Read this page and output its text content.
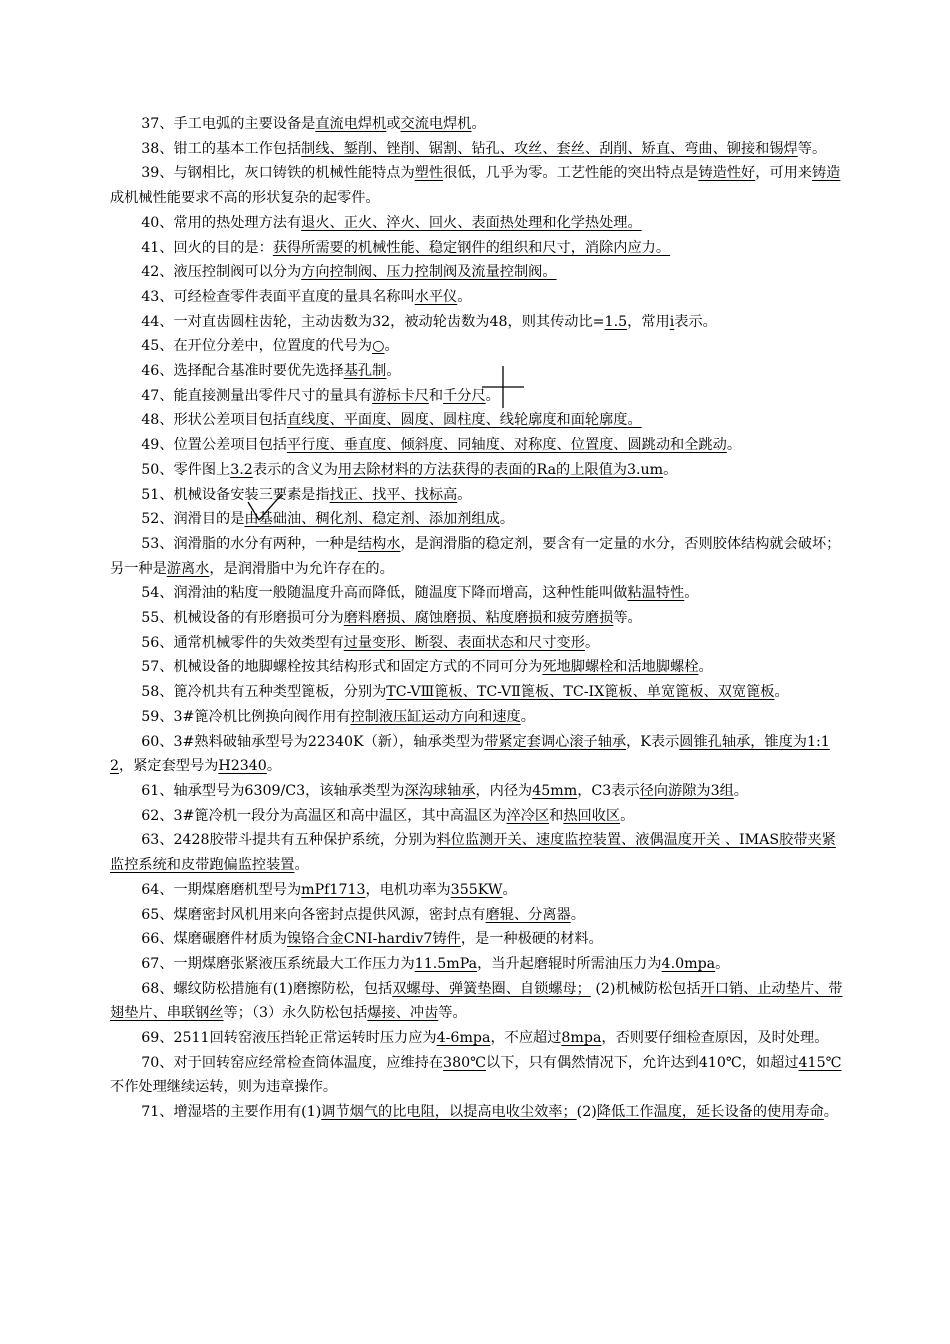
37、手工电弧的主要设备是直流电焊机或交流电焊机。

38、钳工的基本工作包括制线、錾削、锉削、锯割、钻孔、攻丝、套丝、刮削、矫直、弯曲、铆接和锡焊等。

39、与钢相比，灰口铸铁的机械性能特点为塑性很低，几乎为零。工艺性能的突出特点是铸造性好，可用来铸造成机械性能要求不高的形状复杂的起零件。

40、常用的热处理方法有退火、正火、淬火、回火、表面热处理和化学热处理。

41、回火的目的是：获得所需要的机械性能、稳定钢件的组织和尺寸，消除内应力。

42、液压控制阀可以分为方向控制阀、压力控制阀及流量控制阀。

43、可经检查零件表面平直度的量具名称叫水平仪。

44、一对直齿圆柱齿轮，主动齿数为32，被动轮齿数为48，则其传动比=1.5，常用i表示。

45、在开位分差中，位置度的代号为○。

46、选择配合基准时要优先选择基孔制。

47、能直接测量出零件尺寸的量具有游标卡尺和千分尺。

48、形状公差项目包括直线度、平面度、圆度、圆柱度、线轮廓度和面轮廓度。

49、位置公差项目包括平行度、垂直度、倾斜度、同轴度、对称度、位置度、圆跳动和全跳动。

50、零件图上3.2表示的含义为用去除材料的方法获得的表面的Ra的上限值为3.um。

51、机械设备安装三要素是指找正、找平、找标高。

52、润滑目的是由基础油、稠化剂、稳定剂、添加剂组成。

53、润滑脂的水分有两种，一种是结构水，是润滑脂的稳定剂，要含有一定量的水分，否则胶体结构就会破坏；另一种是游离水，是润滑脂中为允许存在的。

54、润滑油的粘度一般随温度升高而降低，随温度下降而增高，这种性能叫做粘温特性。

55、机械设备的有形磨损可分为磨料磨损、腐蚀磨损、粘度磨损和疲劳磨损等。

56、通常机械零件的失效类型有过量变形、断裂、表面状态和尺寸变形。

57、机械设备的地脚螺栓按其结构形式和固定方式的不同可分为死地脚螺栓和活地脚螺栓。

58、篦冷机共有五种类型篦板，分别为TC-VⅢ篦板、TC-VⅡ篦板、TC-ⅠX篦板、单宽篦板、双宽篦板。

59、3#篦冷机比例换向阀作用有控制液压缸运动方向和速度。

60、3#熟料破轴承型号为22340K（新），轴承类型为带紧定套调心滚子轴承，K表示圆锥孔轴承，锥度为1:12，紧定套型号为H2340。

61、轴承型号为6309/C3，该轴承类型为深沟球轴承，内径为45mm，C3表示径向游隙为3组。

62、3#篦冷机一段分为高温区和高中温区，其中高温区为淬冷区和热回收区。

63、2428胶带斗提共有五种保护系统，分别为料位监测开关、速度监控装置、液偶温度开关 、IMAS胶带夹紧监控系统和皮带跑偏监控装置。

64、一期煤磨磨机型号为mPf1713，电机功率为355KW。

65、煤磨密封风机用来向各密封点提供风源，密封点有磨辊、分离器。

66、煤磨碾磨件材质为镍铬合金CNI-hardiv7铸件，是一种极硬的材料。

67、一期煤磨张紧液压系统最大工作压力为11.5mPa，当升起磨辊时所需油压力为4.0mpa。

68、螺纹防松措施有(1)磨擦防松，包括双螺母、弹簧垫圈、自锁螺母； (2)机械防松包括开口销、止动垫片、带翅垫片、串联钢丝等；（3）永久防松包括爆接、冲齿等。

69、2511回转窑液压挡轮正常运转时压力应为4-6mpa，不应超过8mpa，否则要仔细检查原因，及时处理。

70、对于回转窑应经常检查筒体温度，应维持在380℃以下，只有偶然情况下，允许达到410℃，如超过415℃不作处理继续运转，则为违章操作。

71、增湿塔的主要作用有(1)调节烟气的比电阻，以提高电收尘效率；(2)降低工作温度，延长设备的使用寿命。
